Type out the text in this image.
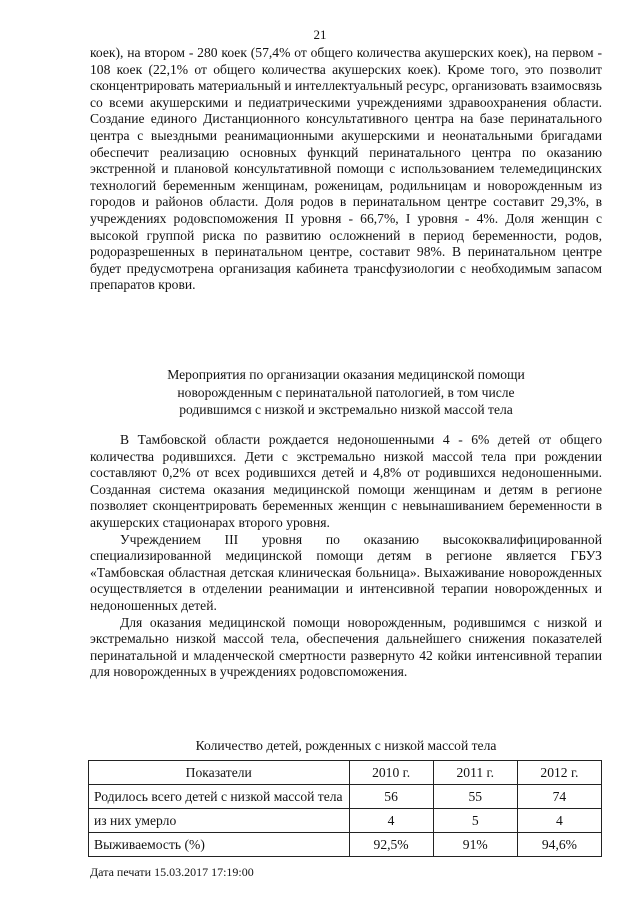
21

коек), на втором - 280 коек (57,4% от общего количества акушерских коек), на первом - 108 коек (22,1% от общего количества акушерских коек). Кроме того, это позволит сконцентрировать материальный и интеллектуальный ресурс, организовать взаимосвязь со всеми акушерскими и педиатрическими учреждениями здравоохранения области. Создание единого Дистанционного консультативного центра на базе перинатального центра с выездными реанимационными акушерскими и неонатальными бригадами обеспечит реализацию основных функций перинатального центра по оказанию экстренной и плановой консультативной помощи с использованием телемедицинских технологий беременным женщинам, роженицам, родильницам и новорожденным из городов и районов области. Доля родов в перинатальном центре составит 29,3%, в учреждениях родовспоможения II уровня - 66,7%, I уровня - 4%. Доля женщин с высокой группой риска по развитию осложнений в период беременности, родов, родоразрешенных в перинатальном центре, составит 98%. В перинатальном центре будет предусмотрена организация кабинета трансфузиологии с необходимым запасом препаратов крови.

Мероприятия по организации оказания медицинской помощи
новорожденным с перинатальной патологией, в том числе
родившимся с низкой и экстремально низкой массой тела

В Тамбовской области рождается недоношенными 4 - 6% детей от общего количества родившихся. Дети с экстремально низкой массой тела при рождении составляют 0,2% от всех родившихся детей и 4,8% от родившихся недоношенными. Созданная система оказания медицинской помощи женщинам и детям в регионе позволяет сконцентрировать беременных женщин с невынашиванием беременности в акушерских стационарах второго уровня.

Учреждением III уровня по оказанию высококвалифицированной специализированной медицинской помощи детям в регионе является ГБУЗ «Тамбовская областная детская клиническая больница». Выхаживание новорожденных осуществляется в отделении реанимации и интенсивной терапии новорожденных и недоношенных детей.

Для оказания медицинской помощи новорожденным, родившимся с низкой и экстремально низкой массой тела, обеспечения дальнейшего снижения показателей перинатальной и младенческой смертности развернуто 42 койки интенсивной терапии для новорожденных в учреждениях родовспоможения.

Количество детей, рожденных с низкой массой тела
Показатели	2010 г.	2011 г.	2012 г.
Родилось всего детей с низкой массой тела	56	55	74
из них умерло	4	5	4
Выживаемость (%)	92,5%	91%	94,6%
Дата печати 15.03.2017 17:19:00
